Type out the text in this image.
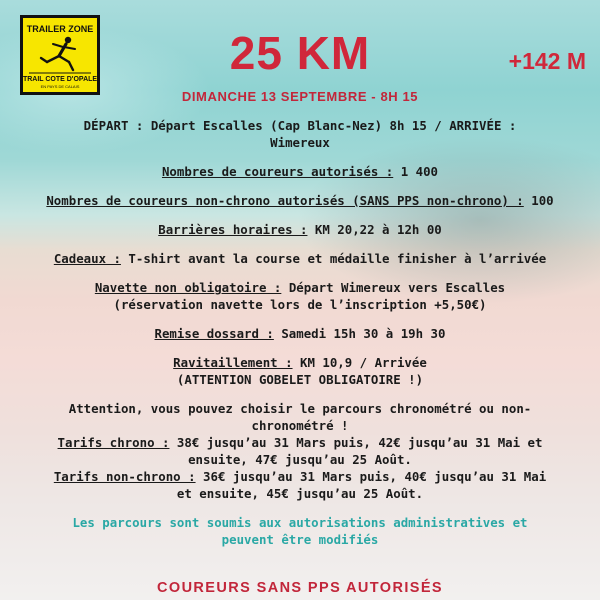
TRAILER ZONE
TRAIL COTE D'OPALE
EN PAYS DE CALAIS
25 KM	+142 M
DIMANCHE 13 SEPTEMBRE - 8H 15
DÉPART : Départ Escalles (Cap Blanc-Nez) 8h 15 / ARRIVÉE :
Wimereux
Nombres de coureurs autorisés : 1 400
Nombres de coureurs non-chrono autorisés (SANS PPS non-chrono) : 100
Barrières horaires : KM 20,22 à 12h 00
Cadeaux : T-shirt avant la course et médaille finisher à l’arrivée
Navette non obligatoire : Départ Wimereux vers Escalles
(réservation navette lors de l’inscription +5,50€)
Remise dossard : Samedi 15h 30 à 19h 30
Ravitaillement : KM 10,9 / Arrivée
(ATTENTION GOBELET OBLIGATOIRE !)
Attention, vous pouvez choisir le parcours chronométré ou non-
chronométré !
Tarifs chrono : 38€ jusqu’au 31 Mars puis, 42€ jusqu’au 31 Mai et
ensuite, 47€ jusqu’au 25 Août.
Tarifs non-chrono : 36€ jusqu’au 31 Mars puis, 40€ jusqu’au 31 Mai
et ensuite, 45€ jusqu’au 25 Août.
Les parcours sont soumis aux autorisations administratives et
peuvent être modifiés
COUREURS SANS PPS AUTORISÉS
